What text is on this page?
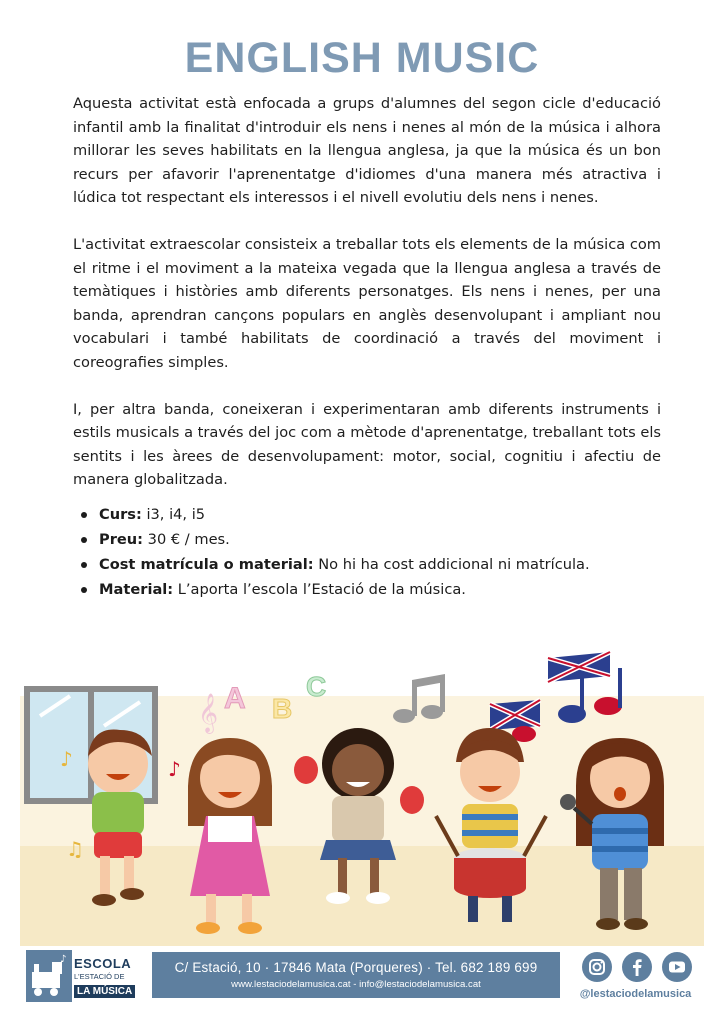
ENGLISH MUSIC

Aquesta activitat està enfocada a grups d'alumnes del segon cicle d'educació infantil amb la finalitat d'introduir els nens i nenes al món de la música i alhora millorar les seves habilitats en la llengua anglesa, ja que la música és un bon recurs per afavorir l'aprenentatge d'idiomes d'una manera més atractiva i lúdica tot respectant els interessos i el nivell evolutiu dels nens i nenes.

L'activitat extraescolar consisteix a treballar tots els elements de la música com el ritme i el moviment a la mateixa vegada que la llengua anglesa a través de temàtiques i històries amb diferents personatges. Els nens i nenes, per una banda, aprendran cançons populars en anglès desenvolupant i ampliant nou vocabulari i també habilitats de coordinació a través del moviment i coreografies simples.

I, per altra banda, coneixeran i experimentaran amb diferents instruments i estils musicals a través del joc com a mètode d'aprenentatge, treballant tots els sentits i les àrees de desenvolupament: motor, social, cognitiu i afectiu de manera globalitzada.

Curs: i3, i4, i5
Preu: 30 € / mes.
Cost matrícula o material: No hi ha cost addicional ni matrícula.
Material: L’aporta l’escola l’Estació de la música.
𝄞 A B
C
♪
♫
♪
♪ ESCOLA
L'ESTACIÓ DE
LA MÚSICA
C/ Estació, 10 · 17846 Mata (Porqueres) · Tel. 682 189 699
www.lestaciodelamusica.cat - info@lestaciodelamusica.cat
@lestaciodelamusica
